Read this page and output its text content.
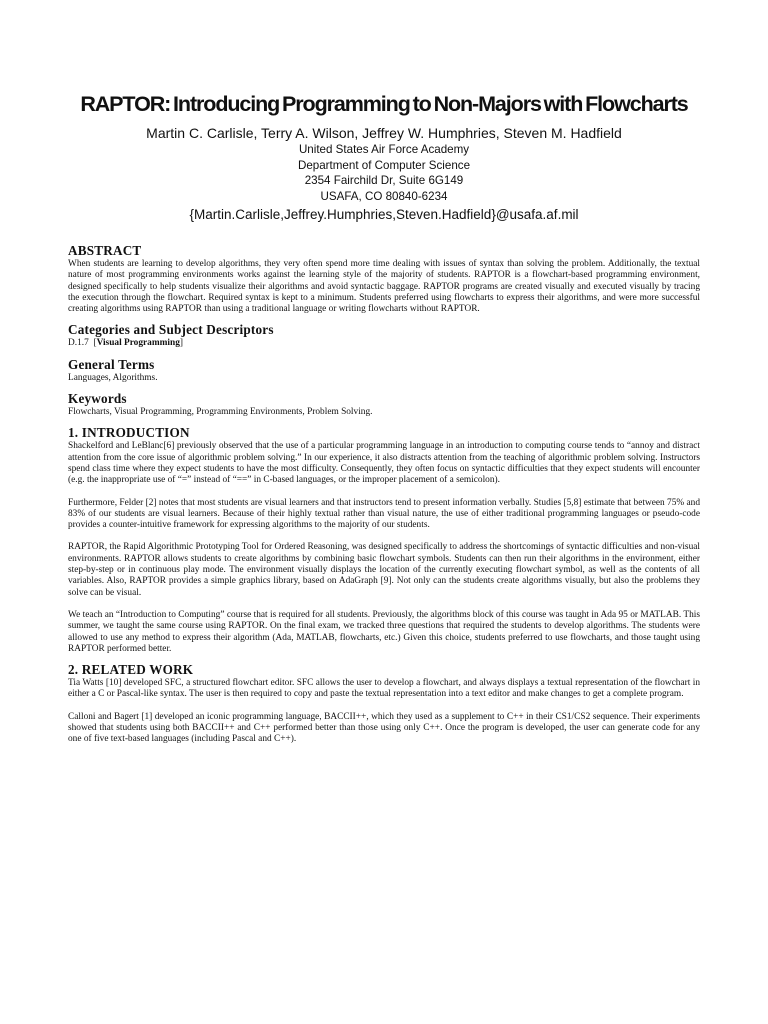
RAPTOR: Introducing Programming to Non-Majors with Flowcharts
Martin C. Carlisle, Terry A. Wilson, Jeffrey W. Humphries, Steven M. Hadfield
United States Air Force Academy
Department of Computer Science
2354 Fairchild Dr, Suite 6G149
USAFA, CO 80840-6234
{Martin.Carlisle,Jeffrey.Humphries,Steven.Hadfield}@usafa.af.mil
ABSTRACT

When students are learning to develop algorithms, they very often spend more time dealing with issues of syntax than solving the problem. Additionally, the textual nature of most programming environments works against the learning style of the majority of students. RAPTOR is a flowchart-based programming environment, designed specifically to help students visualize their algorithms and avoid syntactic baggage. RAPTOR programs are created visually and executed visually by tracing the execution through the flowchart. Required syntax is kept to a minimum. Students preferred using flowcharts to express their algorithms, and were more successful creating algorithms using RAPTOR than using a traditional language or writing flowcharts without RAPTOR.

Categories and Subject Descriptors

D.1.7  [Visual Programming]

General Terms

Languages, Algorithms.

Keywords

Flowcharts, Visual Programming, Programming Environments, Problem Solving.

1. INTRODUCTION

Shackelford and LeBlanc[6] previously observed that the use of a particular programming language in an introduction to computing course tends to “annoy and distract attention from the core issue of algorithmic problem solving.” In our experience, it also distracts attention from the teaching of algorithmic problem solving. Instructors spend class time where they expect students to have the most difficulty. Consequently, they often focus on syntactic difficulties that they expect students will encounter (e.g. the inappropriate use of “=” instead of “==” in C-based languages, or the improper placement of a semicolon).

Furthermore, Felder [2] notes that most students are visual learners and that instructors tend to present information verbally. Studies [5,8] estimate that between 75% and 83% of our students are visual learners. Because of their highly textual rather than visual nature, the use of either traditional programming languages or pseudo-code provides a counter-intuitive framework for expressing algorithms to the majority of our students.

RAPTOR, the Rapid Algorithmic Prototyping Tool for Ordered Reasoning, was designed specifically to address the shortcomings of syntactic difficulties and non-visual environments. RAPTOR allows students to create algorithms by combining basic flowchart symbols. Students can then run their algorithms in the environment, either step-by-step or in continuous play mode. The environment visually displays the location of the currently executing flowchart symbol, as well as the contents of all variables. Also, RAPTOR provides a simple graphics library, based on AdaGraph [9]. Not only can the students create algorithms visually, but also the problems they solve can be visual.

We teach an “Introduction to Computing” course that is required for all students. Previously, the algorithms block of this course was taught in Ada 95 or MATLAB. This summer, we taught the same course using RAPTOR. On the final exam, we tracked three questions that required the students to develop algorithms. The students were allowed to use any method to express their algorithm (Ada, MATLAB, flowcharts, etc.) Given this choice, students preferred to use flowcharts, and those taught using RAPTOR performed better.

2. RELATED WORK

Tia Watts [10] developed SFC, a structured flowchart editor. SFC allows the user to develop a flowchart, and always displays a textual representation of the flowchart in either a C or Pascal-like syntax. The user is then required to copy and paste the textual representation into a text editor and make changes to get a complete program.

Calloni and Bagert [1] developed an iconic programming language, BACCII++, which they used as a supplement to C++ in their CS1/CS2 sequence. Their experiments showed that students using both BACCII++ and C++ performed better than those using only C++. Once the program is developed, the user can generate code for any one of five text-based languages (including Pascal and C++).
